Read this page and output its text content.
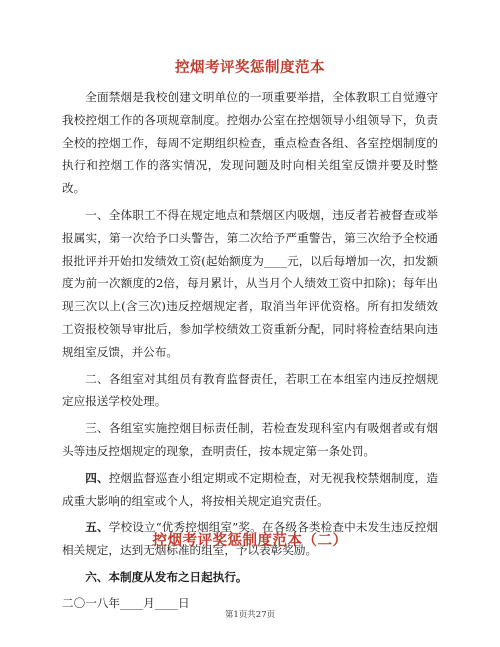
控烟考评奖惩制度范本

全面禁烟是我校创建文明单位的一项重要举措，全体教职工自觉遵守我校控烟工作的各项规章制度。控烟办公室在控烟领导小组领导下，负责全校的控烟工作，每周不定期组织检查，重点检查各组、各室控烟制度的执行和控烟工作的落实情况，发现问题及时向相关组室反馈并要及时整改。

一、全体职工不得在规定地点和禁烟区内吸烟，违反者若被督查或举报属实，第一次给予口头警告，第二次给予严重警告，第三次给予全校通报批评并开始扣发绩效工资(起始额度为____元，以后每增加一次，扣发额度为前一次额度的2倍，每月累计，从当月个人绩效工资中扣除)；每年出现三次以上(含三次)违反控烟规定者，取消当年评优资格。所有扣发绩效工资报校领导审批后，参加学校绩效工资重新分配，同时将检查结果向违规组室反馈，并公布。

二、各组室对其组员有教育监督责任，若职工在本组室内违反控烟规定应报送学校处理。

三、各组室实施控烟目标责任制，若检查发现科室内有吸烟者或有烟头等违反控烟规定的现象，查明责任，按本规定第一条处罚。

四、控烟监督巡查小组定期或不定期检查，对无视我校禁烟制度，造成重大影响的组室或个人，将按相关规定追究责任。

五、学校设立“优秀控烟组室”奖。在各级各类检查中未发生违反控烟相关规定，达到无烟标准的组室，予以表彰奖励。

六、本制度从发布之日起执行。

二〇一八年____月____日
控烟考评奖惩制度范本（二）
第1页共27页
